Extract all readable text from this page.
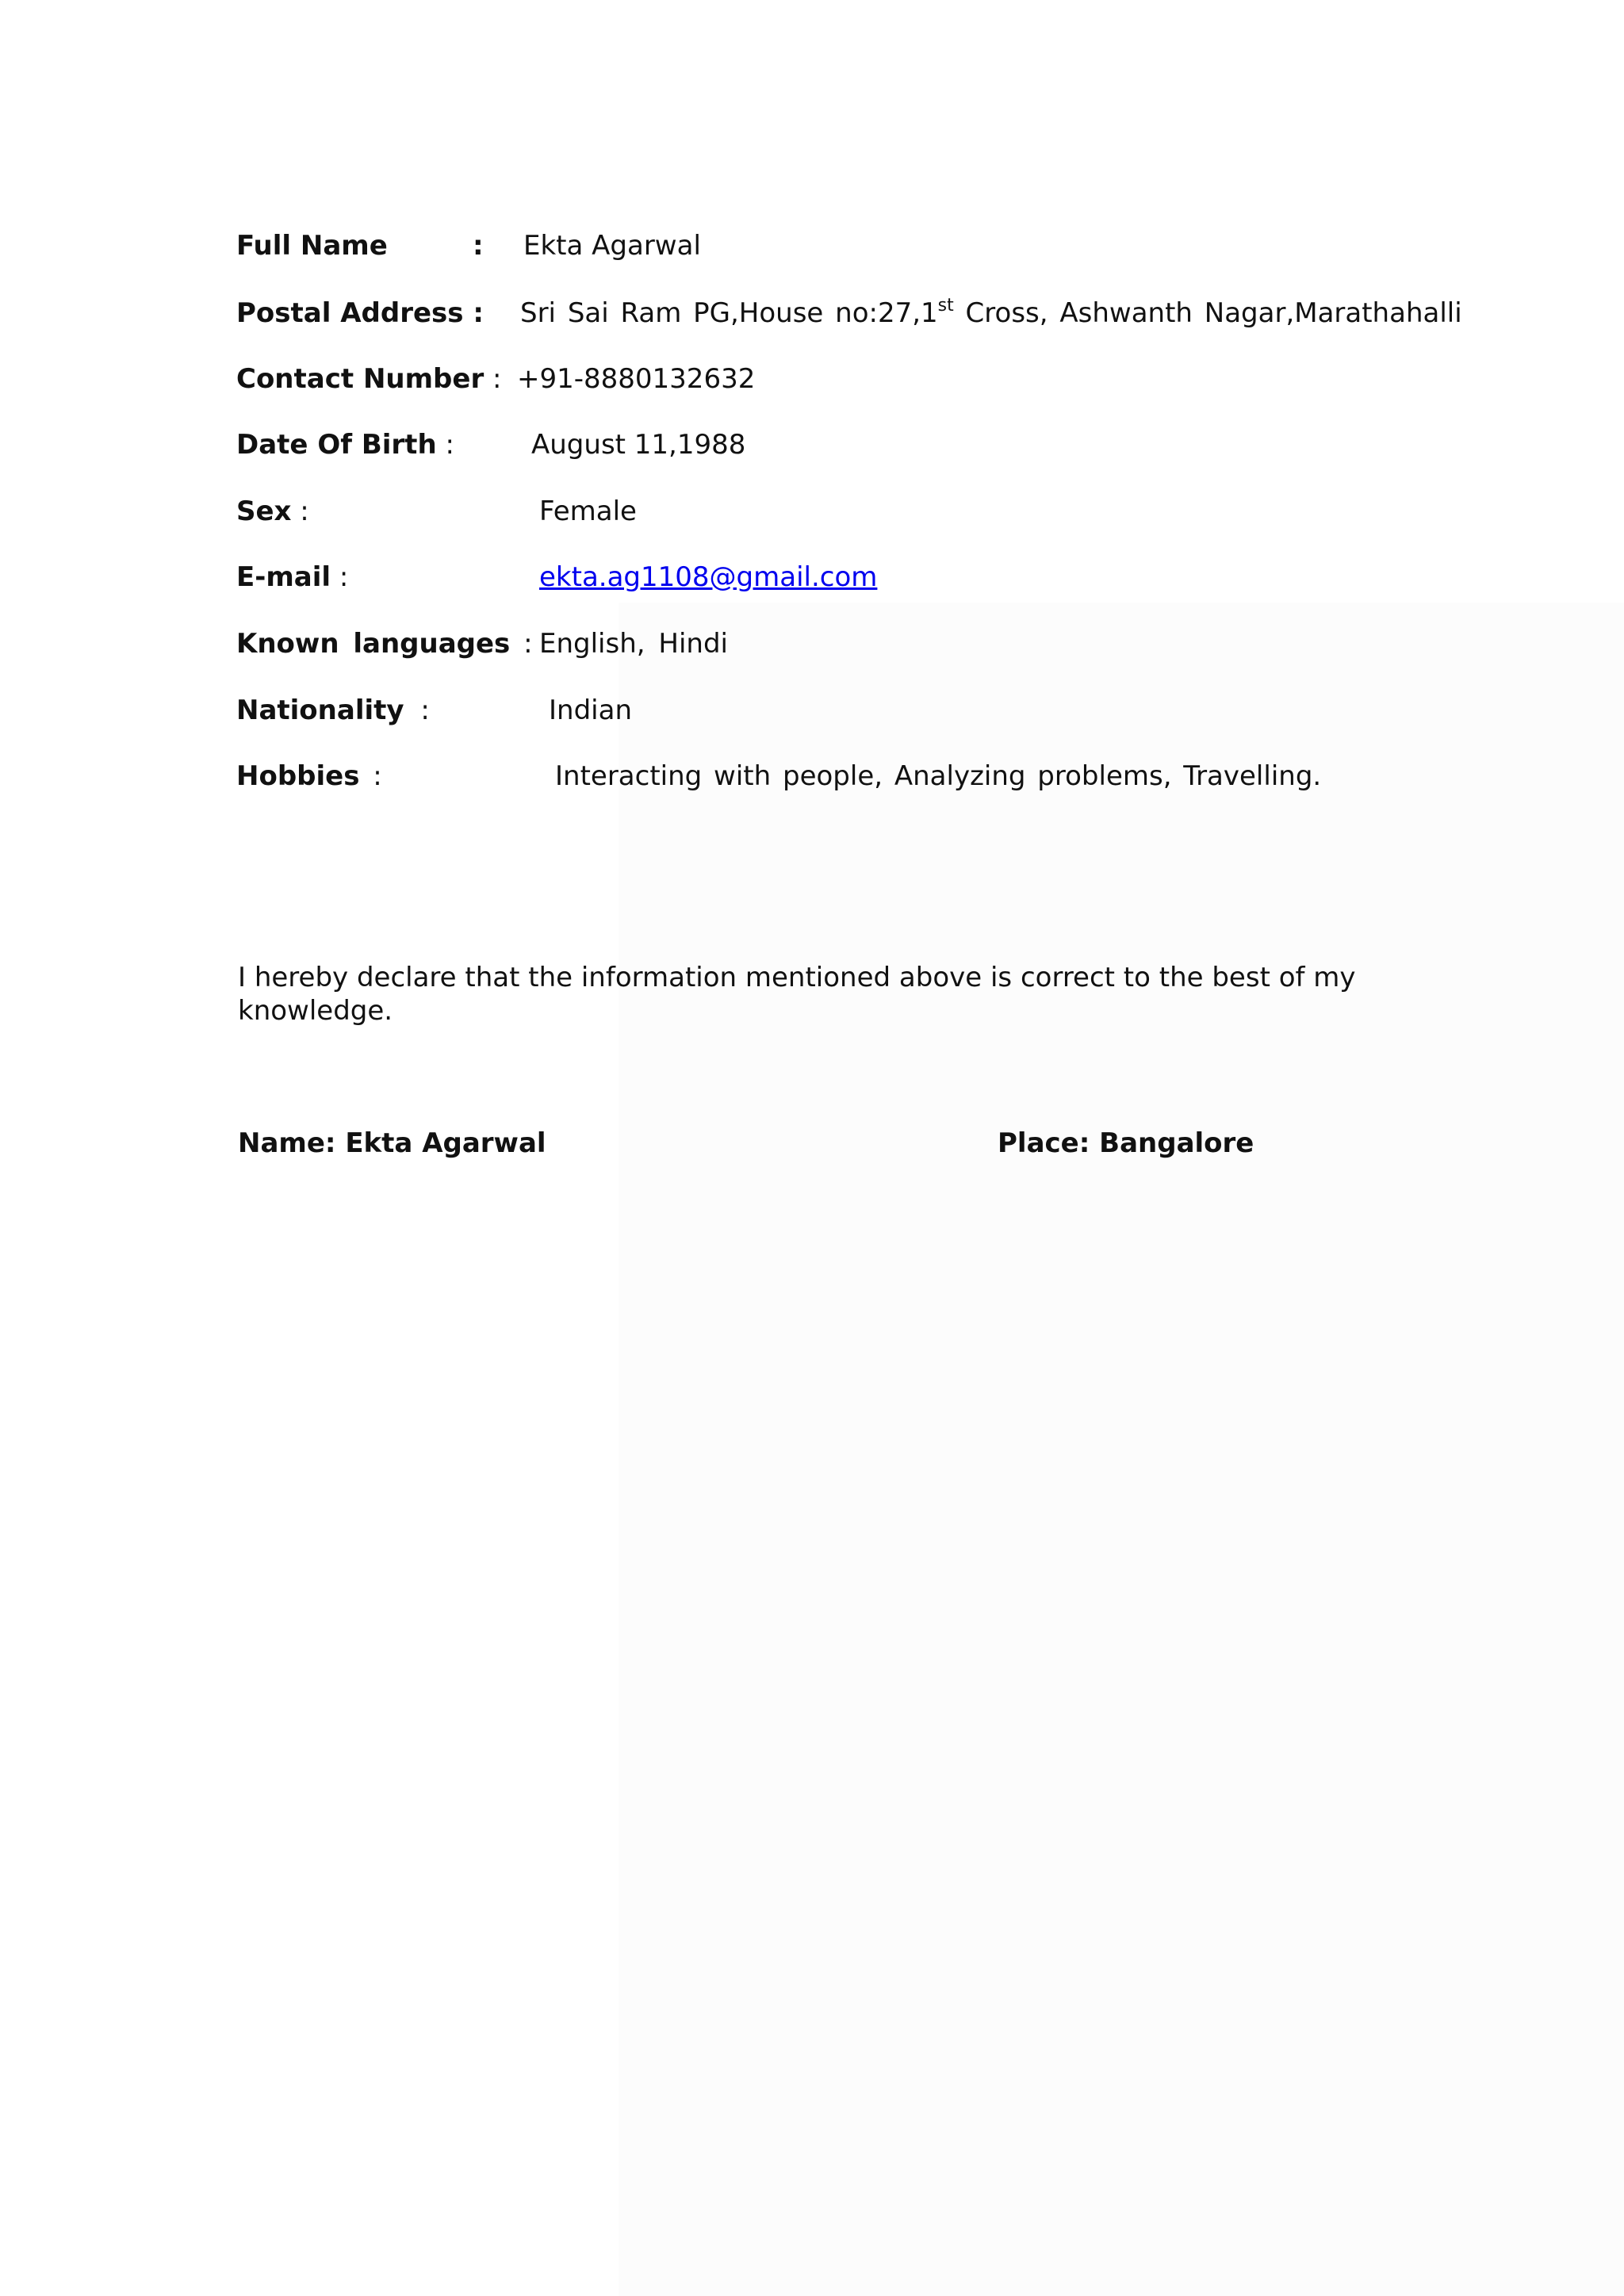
Full Name	: Ekta Agarwal
Postal Address : Sri Sai Ram PG,House no:27,1st Cross, Ashwanth Nagar,Marathahalli
Contact Number : +91-8880132632
Date Of Birth :	August 11,1988
Sex :	Female
E-mail :	ekta.ag1108@gmail.com
Known languages : English, Hindi
Nationality :	Indian
Hobbies :	Interacting with people, Analyzing problems, Travelling.
I hereby declare that the information mentioned above is correct to the best of my knowledge.
Name: Ekta Agarwal	Place: Bangalore
